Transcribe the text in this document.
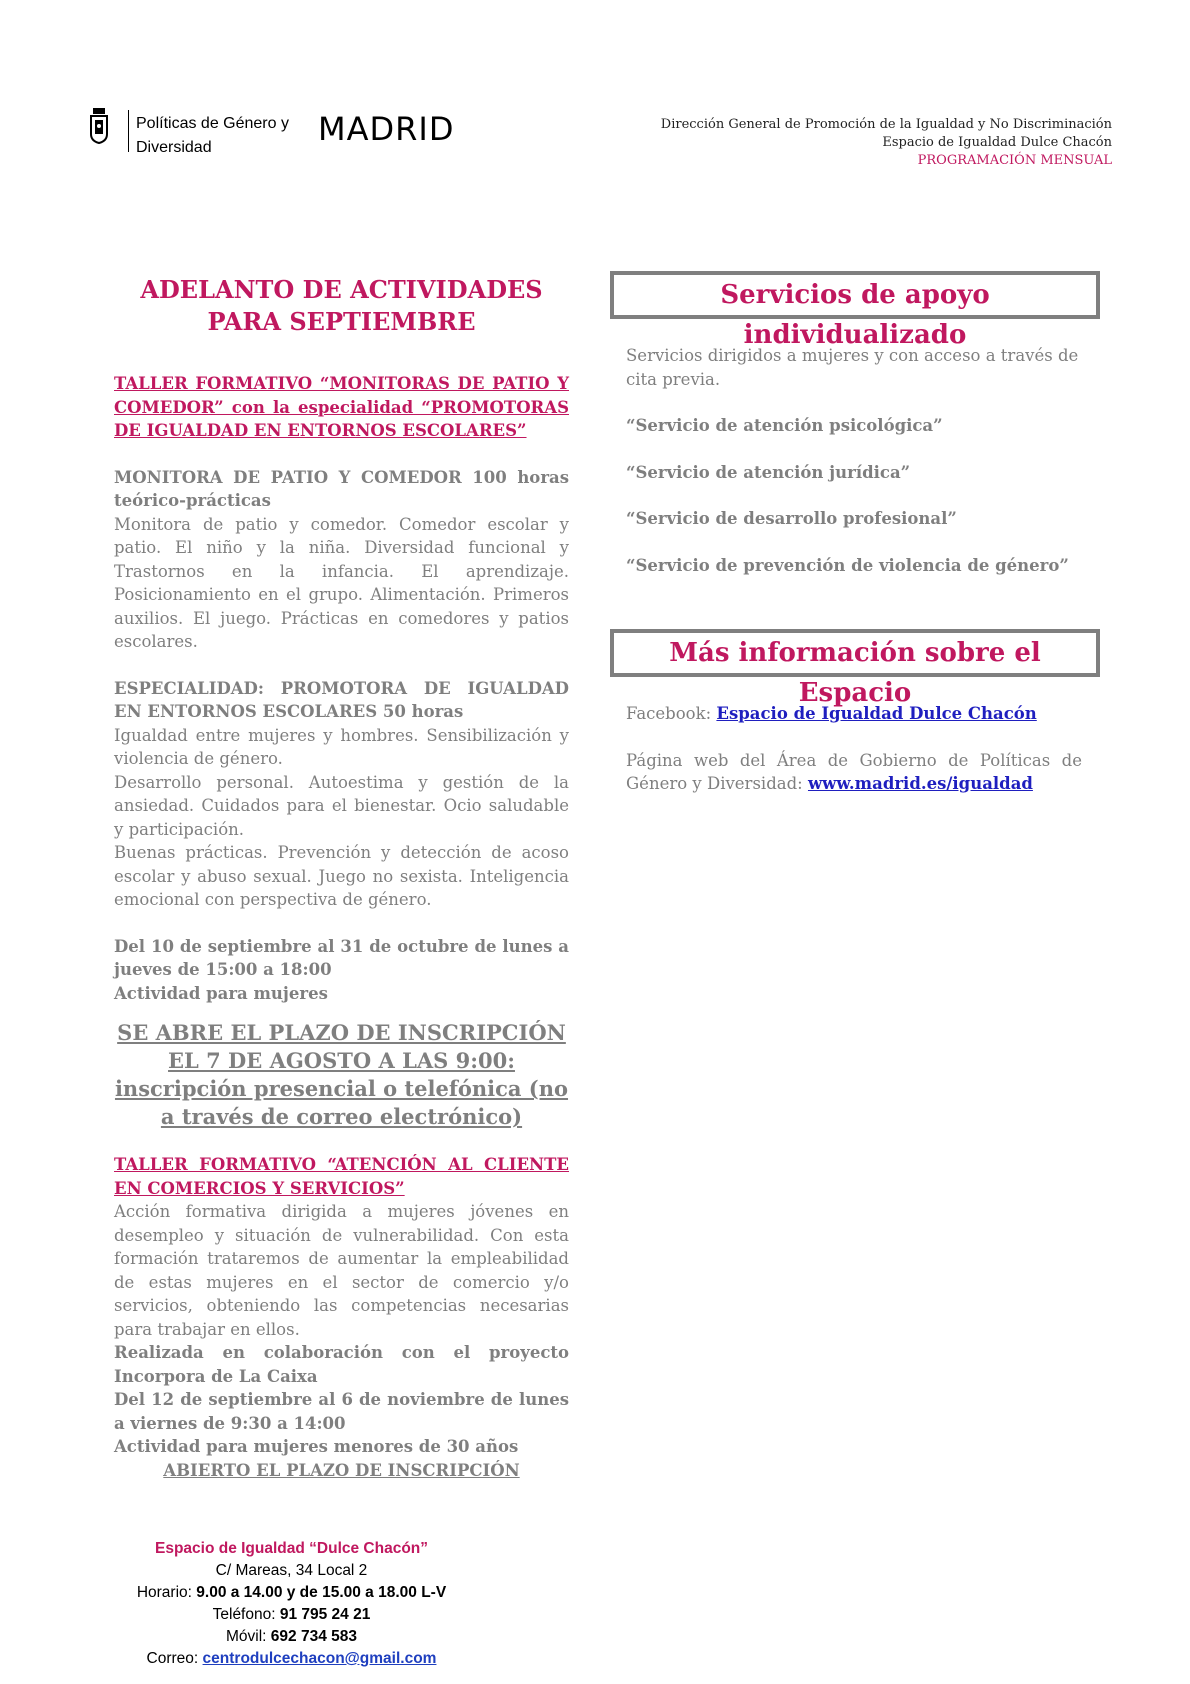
Políticas de Género y
Diversidad	MADRID	Dirección General de Promoción de la Igualdad y No Discriminación
Espacio de Igualdad Dulce Chacón
PROGRAMACIÓN MENSUAL

ADELANTO DE ACTIVIDADES PARA SEPTIEMBRE

TALLER FORMATIVO “MONITORAS DE PATIO Y COMEDOR” con la especialidad “PROMOTORAS DE IGUALDAD EN ENTORNOS ESCOLARES”

MONITORA DE PATIO Y COMEDOR 100 horas teórico-prácticas

Monitora de patio y comedor. Comedor escolar y patio. El niño y la niña. Diversidad funcional y Trastornos en la infancia. El aprendizaje. Posicionamiento en el grupo. Alimentación. Primeros auxilios. El juego. Prácticas en comedores y patios escolares.

ESPECIALIDAD: PROMOTORA DE IGUALDAD EN ENTORNOS ESCOLARES 50 horas

Igualdad entre mujeres y hombres. Sensibilización y violencia de género.

Desarrollo personal. Autoestima y gestión de la ansiedad. Cuidados para el bienestar. Ocio saludable y participación.

Buenas prácticas. Prevención y detección de acoso escolar y abuso sexual. Juego no sexista. Inteligencia emocional con perspectiva de género.

Del 10 de septiembre al 31 de octubre de lunes a jueves de 15:00 a 18:00

Actividad para mujeres

SE ABRE EL PLAZO DE INSCRIPCIÓN EL 7 DE AGOSTO A LAS 9:00: inscripción presencial o telefónica (no a través de correo electrónico)

TALLER FORMATIVO “ATENCIÓN AL CLIENTE EN COMERCIOS Y SERVICIOS”

Acción formativa dirigida a mujeres jóvenes en desempleo y situación de vulnerabilidad. Con esta formación trataremos de aumentar la empleabilidad de estas mujeres en el sector de comercio y/o servicios, obteniendo las competencias necesarias para trabajar en ellos.

Realizada en colaboración con el proyecto Incorpora de La Caixa

Del 12 de septiembre al 6 de noviembre de lunes a viernes de 9:30 a 14:00

Actividad para mujeres menores de 30 años

ABIERTO EL PLAZO DE INSCRIPCIÓN

Espacio de Igualdad “Dulce Chacón”
C/ Mareas, 34 Local 2
Horario: 9.00 a 14.00 y de 15.00 a 18.00 L-V
Teléfono: 91 795 24 21
Móvil: 692 734 583
Correo: centrodulcechacon@gmail.com
Servicios de apoyo individualizado
Servicios dirigidos a mujeres y con acceso a través de cita previa.
“Servicio de atención psicológica”
“Servicio de atención jurídica”
“Servicio de desarrollo profesional”
“Servicio de prevención de violencia de género”
Más información sobre el Espacio
Facebook: Espacio de Igualdad Dulce Chacón
Página web del Área de Gobierno de Políticas de Género y Diversidad: www.madrid.es/igualdad
